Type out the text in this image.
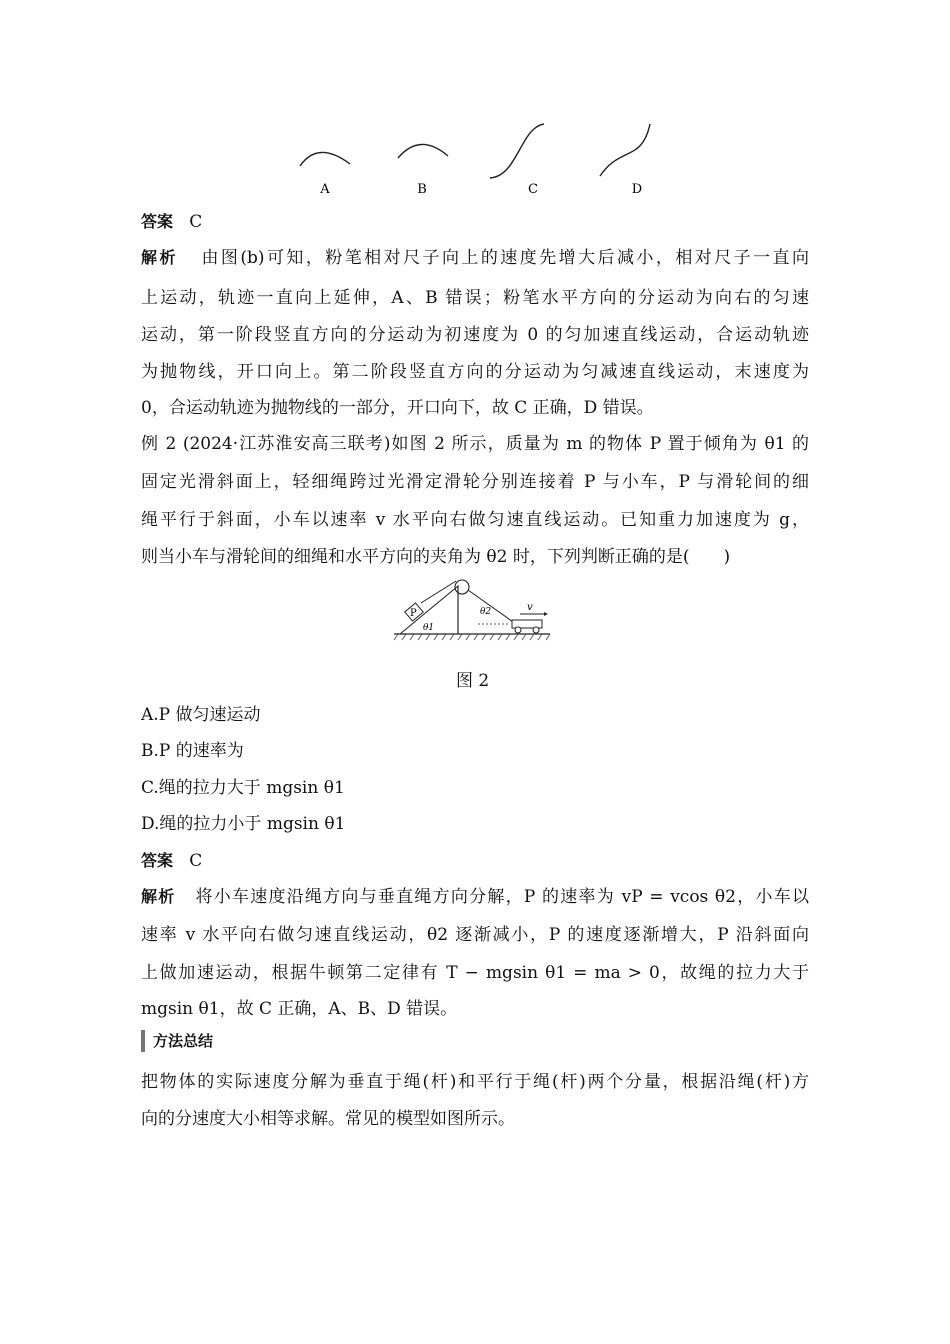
A	B	C	D
答案 C
解析 由图(b)可知，粉笔相对尺子向上的速度先增大后减小，相对尺子一直向
上运动，轨迹一直向上延伸，A、B 错误；粉笔水平方向的分运动为向右的匀速
运动，第一阶段竖直方向的分运动为初速度为 0 的匀加速直线运动，合运动轨迹
为抛物线，开口向上。第二阶段竖直方向的分运动为匀减速直线运动，末速度为
0，合运动轨迹为抛物线的一部分，开口向下，故 C 正确，D 错误。
例 2 (2024·江苏淮安高三联考)如图 2 所示，质量为 m 的物体 P 置于倾角为 θ1 的
固定光滑斜面上，轻细绳跨过光滑定滑轮分别连接着 P 与小车，P 与滑轮间的细
绳平行于斜面，小车以速率 v 水平向右做匀速直线运动。已知重力加速度为 g，
则当小车与滑轮间的细绳和水平方向的夹角为 θ2 时，下列判断正确的是(　　)
P
θ1
θ2	v
图 2
A.P 做匀速运动
B.P 的速率为
C.绳的拉力大于 mgsin θ1
D.绳的拉力小于 mgsin θ1
答案 C
解析 将小车速度沿绳方向与垂直绳方向分解，P 的速率为 vP = vcos θ2，小车以
速率 v 水平向右做匀速直线运动，θ2 逐渐减小，P 的速度逐渐增大，P 沿斜面向
上做加速运动，根据牛顿第二定律有 T − mgsin θ1 = ma > 0，故绳的拉力大于
mgsin θ1，故 C 正确，A、B、D 错误。
方法总结
把物体的实际速度分解为垂直于绳(杆)和平行于绳(杆)两个分量，根据沿绳(杆)方
向的分速度大小相等求解。常见的模型如图所示。
